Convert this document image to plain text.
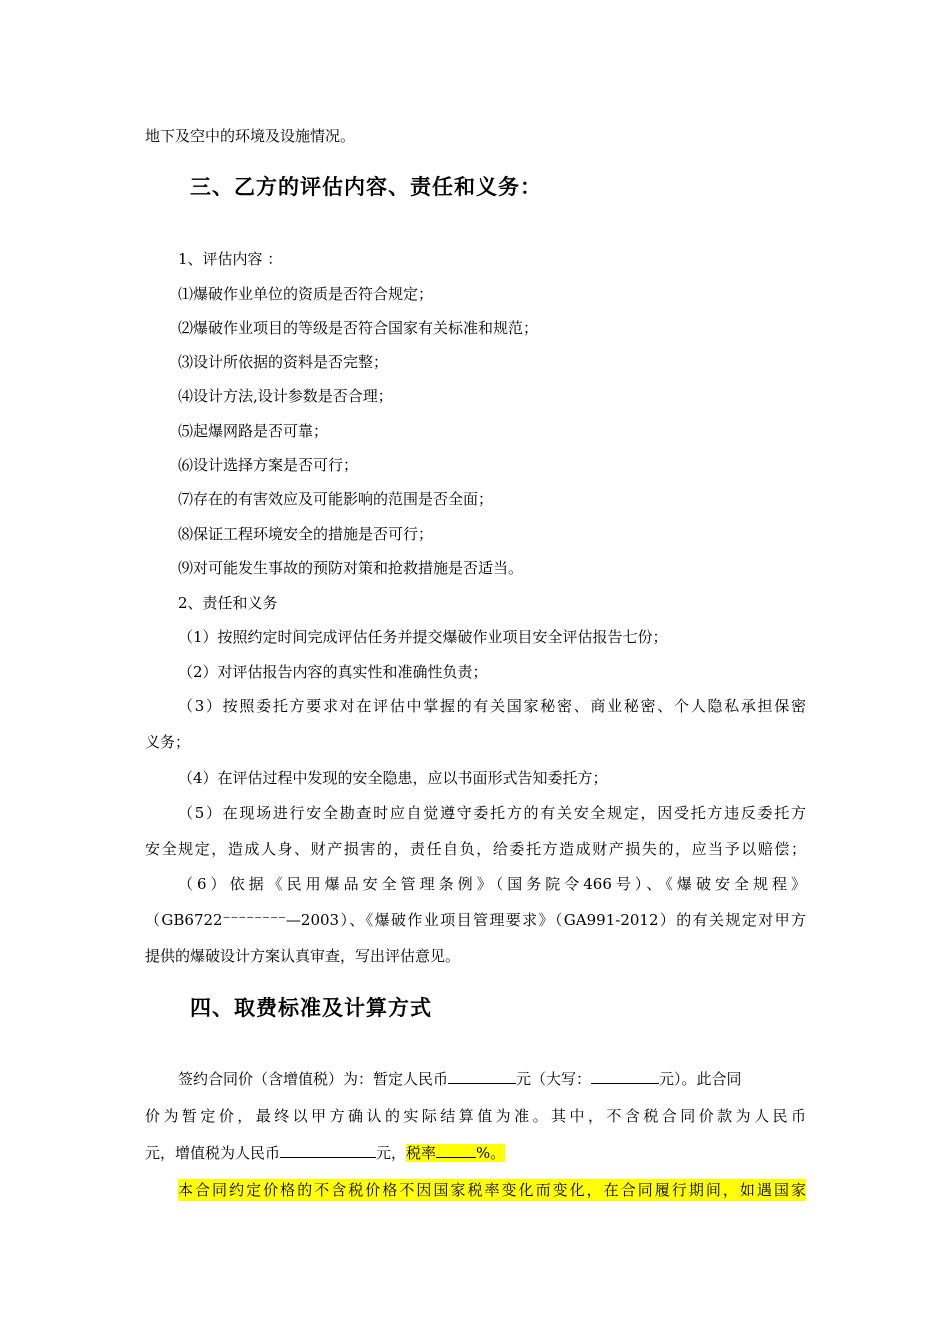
地下及空中的环境及设施情况。
三、乙方的评估内容、责任和义务：
1、评估内容 ：
⑴爆破作业单位的资质是否符合规定；
⑵爆破作业项目的等级是否符合国家有关标准和规范；
⑶设计所依据的资料是否完整；
⑷设计方法,设计参数是否合理；
⑸起爆网路是否可靠；
⑹设计选择方案是否可行；
⑺存在的有害效应及可能影响的范围是否全面；
⑻保证工程环境安全的措施是否可行；
⑼对可能发生事故的预防对策和抢救措施是否适当。
2、责任和义务
（1）按照约定时间完成评估任务并提交爆破作业项目安全评估报告七份；
（2）对评估报告内容的真实性和准确性负责；
（3）按照委托方要求对在评估中掌握的有关国家秘密、商业秘密、个人隐私承担保密
义务；
（4）在评估过程中发现的安全隐患，应以书面形式告知委托方；
（5）在现场进行安全勘查时应自觉遵守委托方的有关安全规定，因受托方违反委托方
安全规定，造成人身、财产损害的，责任自负，给委托方造成财产损失的，应当予以赔偿；
（6）依据《民用爆品安全管理条例》（国务院令466号）、《爆破安全规程》
（GB6722⁻⁻⁻⁻⁻⁻⁻⁻—2003）、《爆破作业项目管理要求》（GA991-2012）的有关规定对甲方
提供的爆破设计方案认真审查，写出评估意见。
四、取费标准及计算方式
签约合同价（含增值税）为：暂定人民币	元（大写：	元）。此合同
价为暂定价，最终以甲方确认的实际结算值为准。其中，不含税合同价款为人民币
元，增值税为人民币	元，税率	%。
本合同约定价格的不含税价格不因国家税率变化而变化，在合同履行期间，如遇国家
